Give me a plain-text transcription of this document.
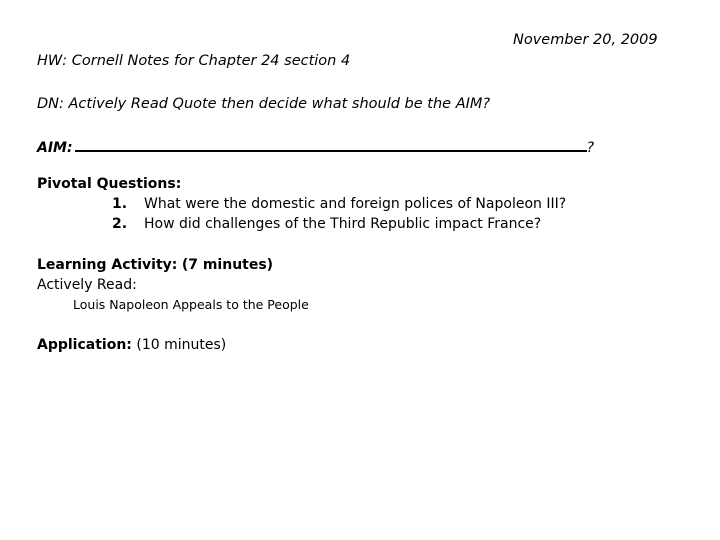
November 20, 2009
HW: Cornell Notes for Chapter 24 section 4
DN: Actively Read Quote then decide what should be the AIM?
AIM:	?
Pivotal Questions:
1. What were the domestic and foreign polices of Napoleon III?
2. How did challenges of the Third Republic impact France?
Learning Activity: (7 minutes)
Actively Read:
Louis Napoleon Appeals to the People
Application: (10 minutes)
